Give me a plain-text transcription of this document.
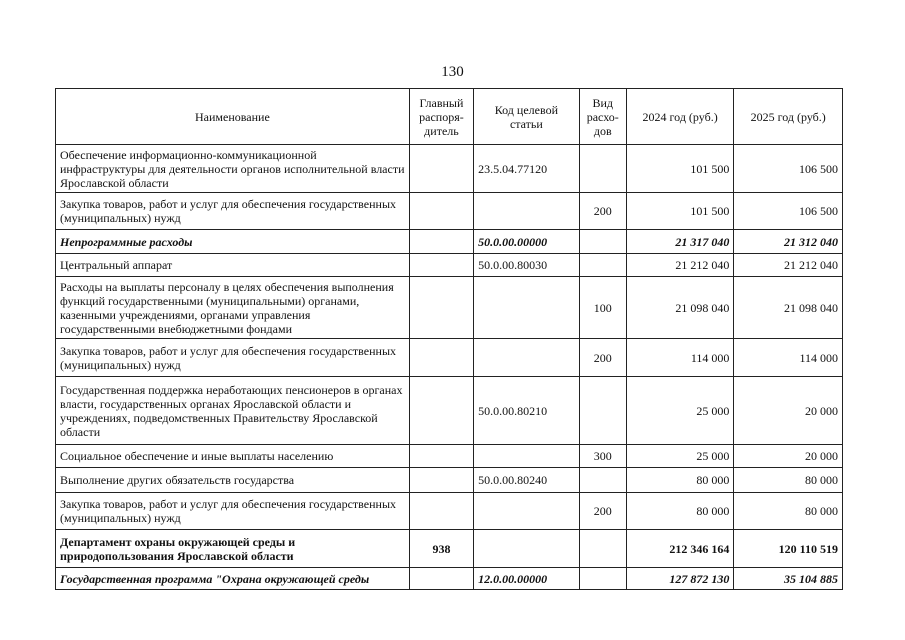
130
Наименование	Главный распоря-дитель	Код целевой статьи	Вид расхо-дов	2024 год (руб.)	2025 год (руб.)
Обеспечение информационно-коммуникационной инфраструктуры для деятельности органов исполнительной власти Ярославской области		23.5.04.77120		101 500	106 500
Закупка товаров, работ и услуг для обеспечения государственных (муниципальных) нужд			200	101 500	106 500
Непрограммные расходы		50.0.00.00000		21 317 040	21 312 040
Центральный аппарат		50.0.00.80030		21 212 040	21 212 040
Расходы на выплаты персоналу в целях обеспечения выполнения функций государственными (муниципальными) органами, казенными учреждениями, органами управления государственными внебюджетными фондами			100	21 098 040	21 098 040
Закупка товаров, работ и услуг для обеспечения государственных (муниципальных) нужд			200	114 000	114 000
Государственная поддержка неработающих пенсионеров в органах власти, государственных органах Ярославской области и учреждениях, подведомственных Правительству Ярославской области		50.0.00.80210		25 000	20 000
Социальное обеспечение и иные выплаты населению			300	25 000	20 000
Выполнение других обязательств государства		50.0.00.80240		80 000	80 000
Закупка товаров, работ и услуг для обеспечения государственных (муниципальных) нужд			200	80 000	80 000
Департамент охраны окружающей среды и природопользования Ярославской области	938			212 346 164	120 110 519
Государственная программа "Охрана окружающей среды		12.0.00.00000		127 872 130	35 104 885
